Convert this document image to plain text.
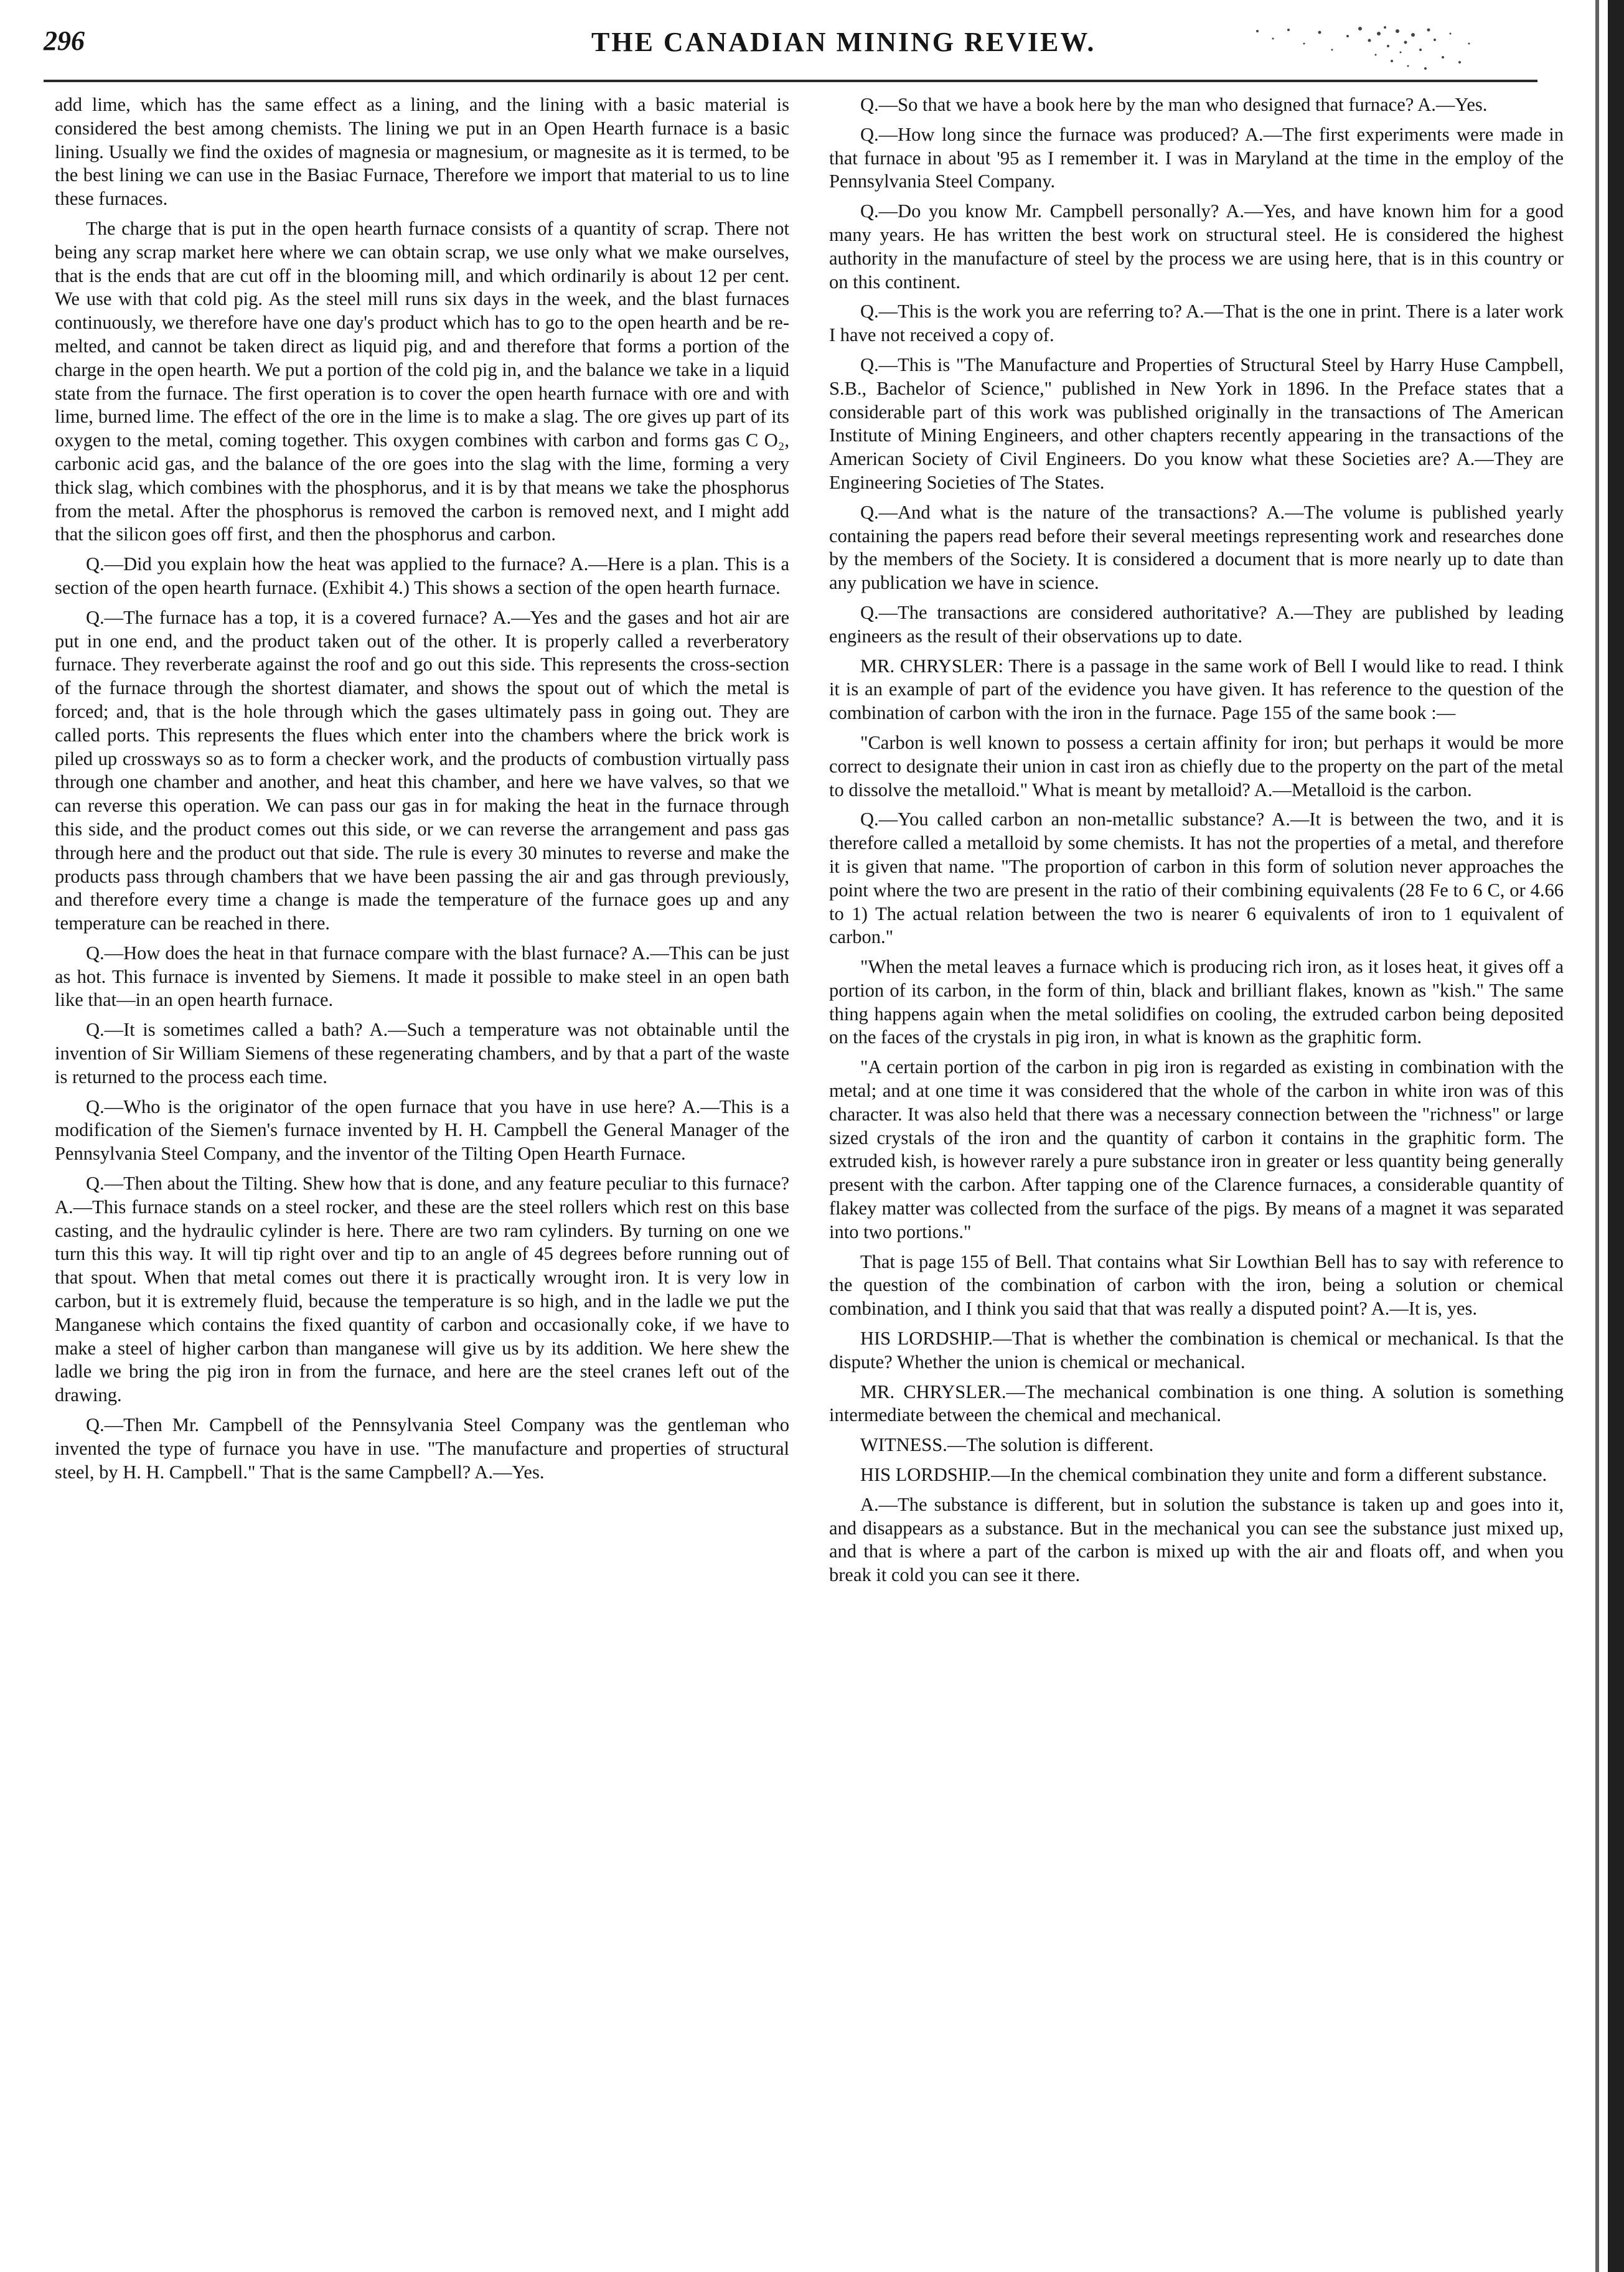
296	THE CANADIAN MINING REVIEW.

add lime, which has the same effect as a lining, and the lining with a basic material is considered the best among chemists. The lining we put in an Open Hearth furnace is a basic lining. Usually we find the oxides of magnesia or magnesium, or magnesite as it is termed, to be the best lining we can use in the Basiac Furnace, Therefore we import that material to us to line these furnaces.

The charge that is put in the open hearth furnace consists of a quantity of scrap. There not being any scrap market here where we can obtain scrap, we use only what we make ourselves, that is the ends that are cut off in the blooming mill, and which ordinarily is about 12 per cent. We use with that cold pig. As the steel mill runs six days in the week, and the blast furnaces continuously, we therefore have one day's product which has to go to the open hearth and be re-melted, and cannot be taken direct as liquid pig, and and therefore that forms a portion of the charge in the open hearth. We put a portion of the cold pig in, and the balance we take in a liquid state from the furnace. The first operation is to cover the open hearth furnace with ore and with lime, burned lime. The effect of the ore in the lime is to make a slag. The ore gives up part of its oxygen to the metal, coming together. This oxygen combines with carbon and forms gas C O₂, carbonic acid gas, and the balance of the ore goes into the slag with the lime, forming a very thick slag, which combines with the phosphorus, and it is by that means we take the phosphorus from the metal. After the phosphorus is removed the carbon is removed next, and I might add that the silicon goes off first, and then the phosphorus and carbon.

Q.—Did you explain how the heat was applied to the furnace? A.—Here is a plan. This is a section of the open hearth furnace. (Exhibit 4.) This shows a section of the open hearth furnace.

Q.—The furnace has a top, it is a covered furnace? A.—Yes and the gases and hot air are put in one end, and the product taken out of the other. It is properly called a reverberatory furnace. They reverberate against the roof and go out this side. This represents the cross-section of the furnace through the shortest diamater, and shows the spout out of which the metal is forced; and, that is the hole through which the gases ultimately pass in going out. They are called ports. This represents the flues which enter into the chambers where the brick work is piled up crossways so as to form a checker work, and the products of combustion virtually pass through one chamber and another, and heat this chamber, and here we have valves, so that we can reverse this operation. We can pass our gas in for making the heat in the furnace through this side, and the product comes out this side, or we can reverse the arrangement and pass gas through here and the product out that side. The rule is every 30 minutes to reverse and make the products pass through chambers that we have been passing the air and gas through previously, and therefore every time a change is made the temperature of the furnace goes up and any temperature can be reached in there.

Q.—How does the heat in that furnace compare with the blast furnace? A.—This can be just as hot. This furnace is invented by Siemens. It made it possible to make steel in an open bath like that—in an open hearth furnace.

Q.—It is sometimes called a bath? A.—Such a temperature was not obtainable until the invention of Sir William Siemens of these regenerating chambers, and by that a part of the waste is returned to the process each time.

Q.—Who is the originator of the open furnace that you have in use here? A.—This is a modification of the Siemen's furnace invented by H. H. Campbell the General Manager of the Pennsylvania Steel Company, and the inventor of the Tilting Open Hearth Furnace.

Q.—Then about the Tilting. Shew how that is done, and any feature peculiar to this furnace? A.—This furnace stands on a steel rocker, and these are the steel rollers which rest on this base casting, and the hydraulic cylinder is here. There are two ram cylinders. By turning on one we turn this this way. It will tip right over and tip to an angle of 45 degrees before running out of that spout. When that metal comes out there it is practically wrought iron. It is very low in carbon, but it is extremely fluid, because the temperature is so high, and in the ladle we put the Manganese which contains the fixed quantity of carbon and occasionally coke, if we have to make a steel of higher carbon than manganese will give us by its addition. We here shew the ladle we bring the pig iron in from the furnace, and here are the steel cranes left out of the drawing.

Q.—Then Mr. Campbell of the Pennsylvania Steel Company was the gentleman who invented the type of furnace you have in use. "The manufacture and properties of structural steel, by H. H. Campbell." That is the same Campbell? A.—Yes.

Q.—So that we have a book here by the man who designed that furnace? A.—Yes.

Q.—How long since the furnace was produced? A.—The first experiments were made in that furnace in about '95 as I remember it. I was in Maryland at the time in the employ of the Pennsylvania Steel Company.

Q.—Do you know Mr. Campbell personally? A.—Yes, and have known him for a good many years. He has written the best work on structural steel. He is considered the highest authority in the manufacture of steel by the process we are using here, that is in this country or on this continent.

Q.—This is the work you are referring to? A.—That is the one in print. There is a later work I have not received a copy of.

Q.—This is "The Manufacture and Properties of Structural Steel by Harry Huse Campbell, S.B., Bachelor of Science," published in New York in 1896. In the Preface states that a considerable part of this work was published originally in the transactions of The American Institute of Mining Engineers, and other chapters recently appearing in the transactions of the American Society of Civil Engineers. Do you know what these Societies are? A.—They are Engineering Societies of The States.

Q.—And what is the nature of the transactions? A.—The volume is published yearly containing the papers read before their several meetings representing work and researches done by the members of the Society. It is considered a document that is more nearly up to date than any publication we have in science.

Q.—The transactions are considered authoritative? A.—They are published by leading engineers as the result of their observations up to date.

MR. CHRYSLER: There is a passage in the same work of Bell I would like to read. I think it is an example of part of the evidence you have given. It has reference to the question of the combination of carbon with the iron in the furnace. Page 155 of the same book :—

"Carbon is well known to possess a certain affinity for iron; but perhaps it would be more correct to designate their union in cast iron as chiefly due to the property on the part of the metal to dissolve the metalloid." What is meant by metalloid? A.—Metalloid is the carbon.

Q.—You called carbon an non-metallic substance? A.—It is between the two, and it is therefore called a metalloid by some chemists. It has not the properties of a metal, and therefore it is given that name. "The proportion of carbon in this form of solution never approaches the point where the two are present in the ratio of their combining equivalents (28 Fe to 6 C, or 4.66 to 1) The actual relation between the two is nearer 6 equivalents of iron to 1 equivalent of carbon."

"When the metal leaves a furnace which is producing rich iron, as it loses heat, it gives off a portion of its carbon, in the form of thin, black and brilliant flakes, known as "kish." The same thing happens again when the metal solidifies on cooling, the extruded carbon being deposited on the faces of the crystals in pig iron, in what is known as the graphitic form.

"A certain portion of the carbon in pig iron is regarded as existing in combination with the metal; and at one time it was considered that the whole of the carbon in white iron was of this character. It was also held that there was a necessary connection between the "richness" or large sized crystals of the iron and the quantity of carbon it contains in the graphitic form. The extruded kish, is however rarely a pure substance iron in greater or less quantity being generally present with the carbon. After tapping one of the Clarence furnaces, a considerable quantity of flakey matter was collected from the surface of the pigs. By means of a magnet it was separated into two portions."

That is page 155 of Bell. That contains what Sir Lowthian Bell has to say with reference to the question of the combination of carbon with the iron, being a solution or chemical combination, and I think you said that that was really a disputed point? A.—It is, yes.

HIS LORDSHIP.—That is whether the combination is chemical or mechanical. Is that the dispute? Whether the union is chemical or mechanical.

MR. CHRYSLER.—The mechanical combination is one thing. A solution is something intermediate between the chemical and mechanical.

WITNESS.—The solution is different.

HIS LORDSHIP.—In the chemical combination they unite and form a different substance.

A.—The substance is different, but in solution the substance is taken up and goes into it, and disappears as a substance. But in the mechanical you can see the substance just mixed up, and that is where a part of the carbon is mixed up with the air and floats off, and when you break it cold you can see it there.
